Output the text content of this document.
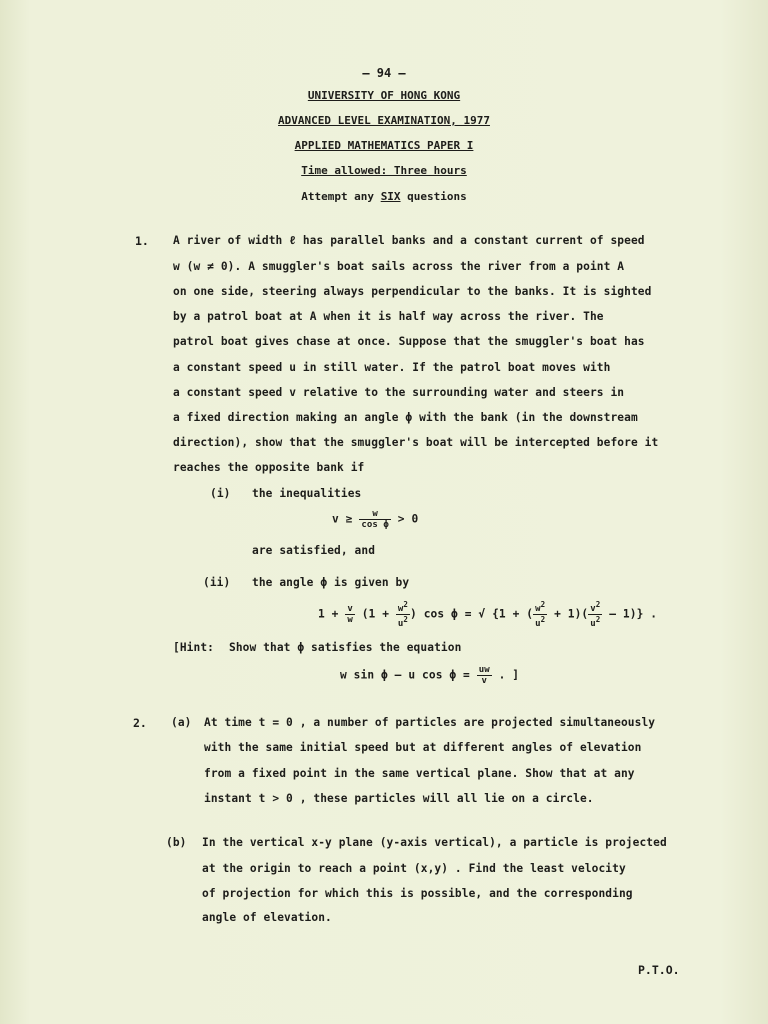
— 94 —
UNIVERSITY OF HONG KONG
ADVANCED LEVEL EXAMINATION, 1977
APPLIED MATHEMATICS PAPER I
Time allowed: Three hours
Attempt any SIX questions
1. A river of width ℓ has parallel banks and a constant current of speed
w (w ≠ 0). A smuggler's boat sails across the river from a point A
on one side, steering always perpendicular to the banks. It is sighted
by a patrol boat at A when it is half way across the river. The
patrol boat gives chase at once. Suppose that the smuggler's boat has
a constant speed u in still water. If the patrol boat moves with
a constant speed v relative to the surrounding water and steers in
a fixed direction making an angle ϕ with the bank (in the downstream
direction), show that the smuggler's boat will be intercepted before it
reaches the opposite bank if
(i) the inequalities
$v \ge \frac{w}{\text{cos ϕ}} > 0$
are satisfied, and
(ii) the angle ϕ is given by
$1 + \frac{v}{w} (1 + \frac{w^2}{u^2}$ ) cos ϕ = √ {1 + ( $\frac{w^2}{u^2} + 1)( \frac{v^2}{u^2} - 1)$} .
[Hint: Show that ϕ satisfies the equation
w sin ϕ – u $\cos \phi = \frac{uw}{v}$ . ]
2. (a) At time t = 0 , a number of particles are projected simultaneously
with the same initial speed but at different angles of elevation
from a fixed point in the same vertical plane. Show that at any
instant t > 0 , these particles will all lie on a circle.
(b) In the vertical x-y plane (y-axis vertical), a particle is projected
at the origin to reach a point (x,y) . Find the least velocity
of projection for which this is possible, and the corresponding
angle of elevation.
P.T.O.
